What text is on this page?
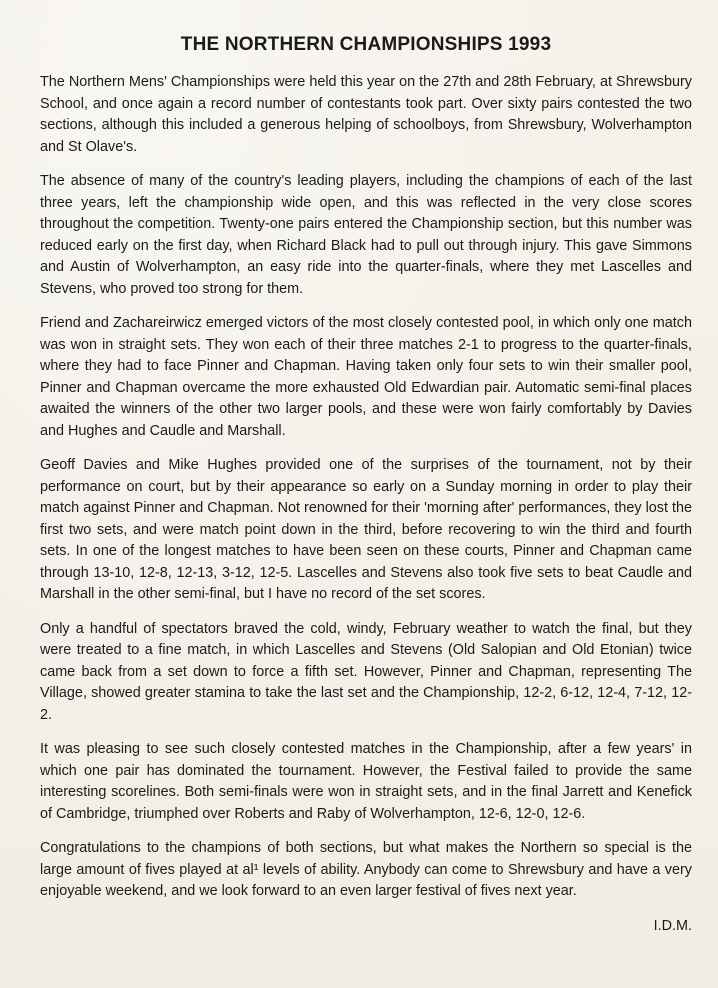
THE NORTHERN CHAMPIONSHIPS 1993

The Northern Mens' Championships were held this year on the 27th and 28th February, at Shrewsbury School, and once again a record number of contestants took part. Over sixty pairs contested the two sections, although this included a generous helping of schoolboys, from Shrewsbury, Wolverhampton and St Olave's.

The absence of many of the country's leading players, including the champions of each of the last three years, left the championship wide open, and this was reflected in the very close scores throughout the competition. Twenty-one pairs entered the Championship section, but this number was reduced early on the first day, when Richard Black had to pull out through injury. This gave Simmons and Austin of Wolverhampton, an easy ride into the quarter-finals, where they met Lascelles and Stevens, who proved too strong for them.

Friend and Zachareirwicz emerged victors of the most closely contested pool, in which only one match was won in straight sets. They won each of their three matches 2-1 to progress to the quarter-finals, where they had to face Pinner and Chapman. Having taken only four sets to win their smaller pool, Pinner and Chapman overcame the more exhausted Old Edwardian pair. Automatic semi-final places awaited the winners of the other two larger pools, and these were won fairly comfortably by Davies and Hughes and Caudle and Marshall.

Geoff Davies and Mike Hughes provided one of the surprises of the tournament, not by their performance on court, but by their appearance so early on a Sunday morning in order to play their match against Pinner and Chapman. Not renowned for their 'morning after' performances, they lost the first two sets, and were match point down in the third, before recovering to win the third and fourth sets. In one of the longest matches to have been seen on these courts, Pinner and Chapman came through 13-10, 12-8, 12-13, 3-12, 12-5. Lascelles and Stevens also took five sets to beat Caudle and Marshall in the other semi-final, but I have no record of the set scores.

Only a handful of spectators braved the cold, windy, February weather to watch the final, but they were treated to a fine match, in which Lascelles and Stevens (Old Salopian and Old Etonian) twice came back from a set down to force a fifth set. However, Pinner and Chapman, representing The Village, showed greater stamina to take the last set and the Championship, 12-2, 6-12, 12-4, 7-12, 12-2.

It was pleasing to see such closely contested matches in the Championship, after a few years' in which one pair has dominated the tournament. However, the Festival failed to provide the same interesting scorelines. Both semi-finals were won in straight sets, and in the final Jarrett and Kenefick of Cambridge, triumphed over Roberts and Raby of Wolverhampton, 12-6, 12-0, 12-6.

Congratulations to the champions of both sections, but what makes the Northern so special is the large amount of fives played at al¹ levels of ability. Anybody can come to Shrewsbury and have a very enjoyable weekend, and we look forward to an even larger festival of fives next year.

I.D.M.
